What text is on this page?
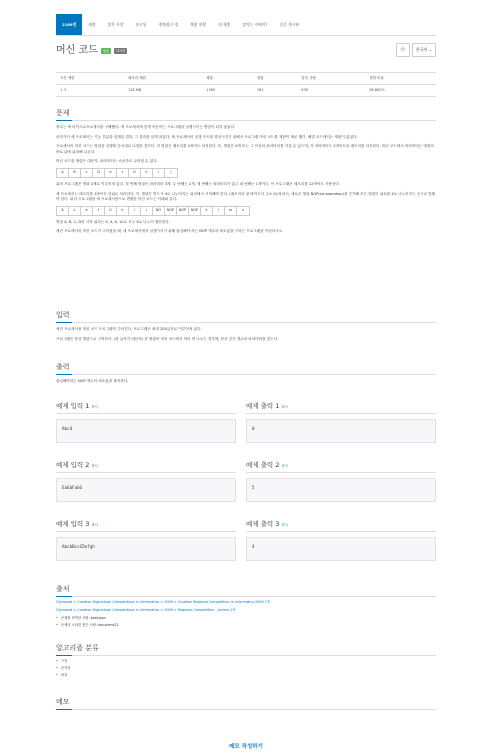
2169번	제출	맞은 사람	숏코딩	재채점/수정	채점 현황	내 제출	강의는 자에이?	질문 게시판
머신 코드	성공	다국어	☆	한국어 ⌄
시간 제한	메모리 제한	제출	정답	맞힌 사람	정답 비율
1 초	128 MB	1389	781	638	58.862%
문제

중수는 새 마이크로프로세서를 구해했다. 새 프로세서에 맞게 작동하는 프로그램을 실행시키는 방법이 되지 않았다.

마찬가지 새 프로세서는 기능 부분을 설계한 결과, 그 결과를 알게 되었다. 새 프로세서의 실행 속도를 향상시키기 위해서 프로그램 머신 코드를 재편이 새로 했다. 해결 코드에서는 재편이 없었다.

프로세서의 머신 코드는 명령을 실행할 순서대로 나열한 것이다. 각 명령은 매모리를 1바이트 차지한다. 또, 명령은 0개 또는 그 이상의 파라미터를 가질 수 있으며, 각 파라미터도 1바이트의 메모리를 차지한다. 머신 코드에서 파라미터는 명령의 바로 뒤에 위치해 나온다.

머신 코드를 명령은 대문자, 파라미터는 소문자로 나타낼 수 있다.

A	B	c	D	e	f	G	h	i	j

위의 프로그램은 명령 4개로 이루어져 있다. 첫 번째 명령은 파라미터 3개, 두 번째는 2개, 세 번째는 파라미터가 없고 네 번째는 1개이다. 이 프로그램은 메모리를 12바이트 사용한다.

새 프로세서는 메모리를 1바이트 단위로 처리한다. 즉, 명령은 반드시 4로 나누어지는 위치에서 시작해야 한다. (메모리의 첫 바이트가 주소 0) 따라서, 새로운 명령 NOP(no operation)을 추가해 모든 명령이 위치를 4로 나누어지는 곳으로 맞춰야 한다. 위의 프로그램을 새 프로세서용으로 변환한 머신 코드는 아래와 같다.

A	c	e	f	G	h	i	j	NO	NOP	NOP	NOP	k	l	m	n

명령 A, B, C, D의 시작 위치는 0, 4, 8, 12로 모두 4로 나누어 떨어진다.

예전 프로세서의 머신 코드가 주어졌을 때, 새 프로세서에서 실행시키기 위해 삽입해야 하는 NOP 개수의 최소값을 구하는 프로그램을 작성하시오.

입력

예전 프로세서용 머신 코드 프로그램이 주어진다. 프로그램은 최대 200글자로 이루어져 있다.

프로그램은 항상 명령으로 시작한다. (첫 글자가 대문자) 한 명령어 머신 코드에서 여러 번 나오는 경우에, 항상 같은 개수의 파라미터를 갖는다.

출력

삽입해야하는 NOP 개수의 최소값을 출력한다.

예제 입력 1 복사
Abcd
예제 출력 1 복사
0
예제 입력 2 복사
EaEbFabG
예제 출력 2 복사
5
예제 입력 3 복사
AbcbBccCDefgh
예제 출력 3 복사
4
출처

Olympiad > Croatian Highschool Competitions in Informatics > 2009 > Croatian Regional Competition in Informatics 2009 1번

Olympiad > Croatian Highschool Competitions in Informatics > 2009 > Regional Competition - Juniors 1번

• 문제를 번역한 사람: baekjoon
• 문제의 오타를 찾은 사람: deuxieme22
알고리즘 분류
• 구현
• 문자열
• 파싱
메모
메모 작성하기
